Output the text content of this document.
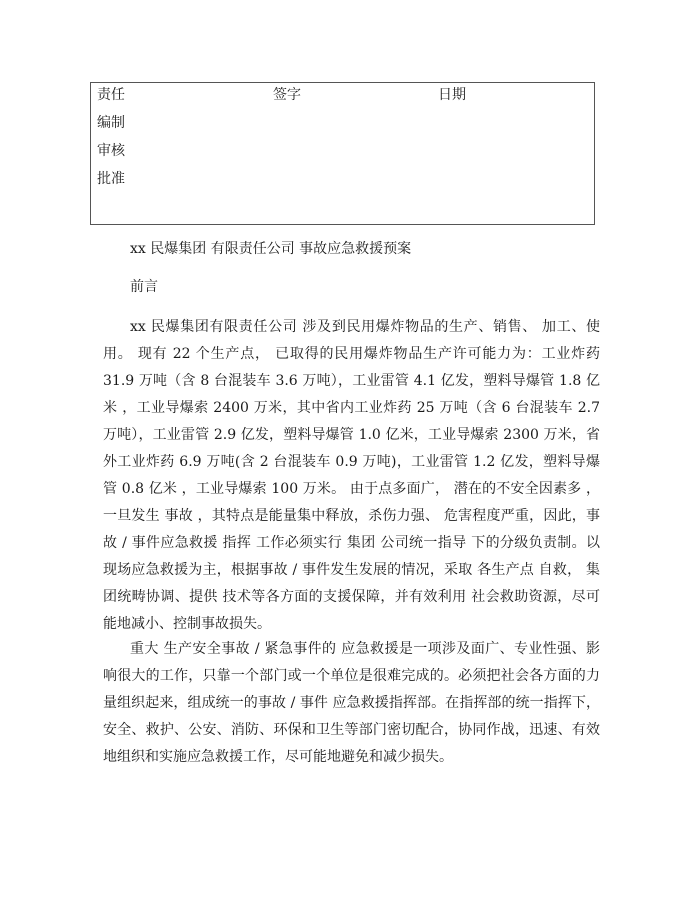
责任	签字	日期
编制
审核
批准
xx 民爆集团 有限责任公司 事故应急救援预案
前言

xx 民爆集团有限责任公司 涉及到民用爆炸物品的生产、销售、 加工、使用。 现有 22 个生产点， 已取得的民用爆炸物品生产许可能力为：工业炸药 31.9 万吨（含 8 台混装车 3.6 万吨），工业雷管 4.1 亿发，塑料导爆管 1.8 亿米 ，工业导爆索 2400 万米，其中省内工业炸药 25 万吨（含 6 台混装车 2.7 万吨），工业雷管 2.9 亿发，塑料导爆管 1.0 亿米，工业导爆索 2300 万米，省外工业炸药 6.9 万吨(含 2 台混装车 0.9 万吨)，工业雷管 1.2 亿发，塑料导爆管 0.8 亿米 ，工业导爆索 100 万米。 由于点多面广， 潜在的不安全因素多 ， 一旦发生 事故 ，其特点是能量集中释放，杀伤力强、 危害程度严重，因此，事故 / 事件应急救援 指挥 工作必须实行 集团 公司统一指导 下的分级负责制。以现场应急救援为主，根据事故 / 事件发生发展的情况，采取 各生产点 自救， 集团统畴协调、提供 技术等各方面的支援保障，并有效利用 社会救助资源，尽可能地减小、控制事故损失。

重大 生产安全事故 / 紧急事件的 应急救援是一项涉及面广、专业性强、影响很大的工作，只靠一个部门或一个单位是很难完成的。必须把社会各方面的力量组织起来，组成统一的事故 / 事件 应急救援指挥部。在指挥部的统一指挥下，安全、救护、公安、消防、环保和卫生等部门密切配合，协同作战，迅速、有效地组织和实施应急救援工作，尽可能地避免和减少损失。
